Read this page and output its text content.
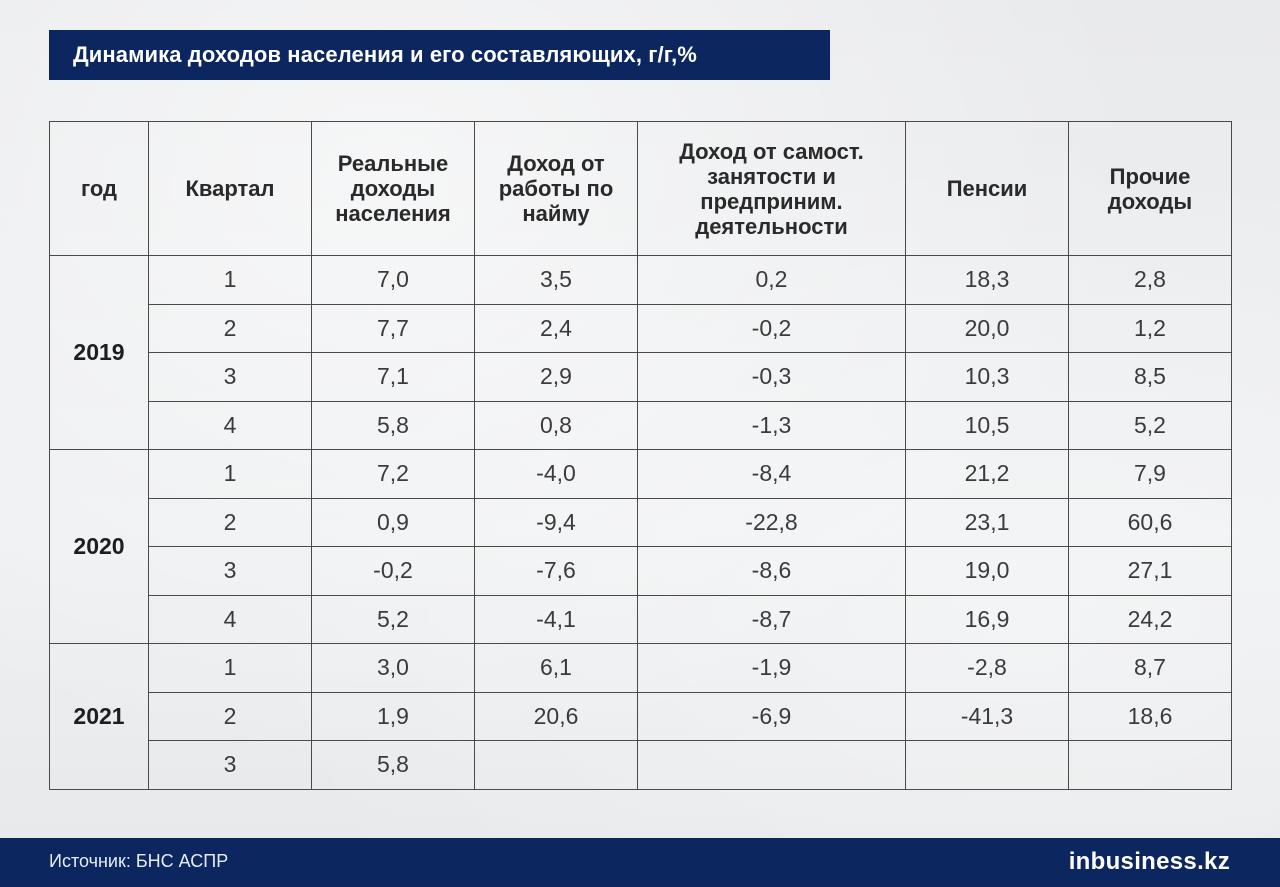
Динамика доходов населения и его составляющих, г/г,%
год	Квартал	Реальные доходы населения	Доход от работы по найму	Доход от самост. занятости и предприним. деятельности	Пенсии	Прочие доходы

2019	1	7,0	3,5	0,2	18,3	2,8
	2	7,7	2,4	-0,2	20,0	1,2
	3	7,1	2,9	-0,3	10,3	8,5
	4	5,8	0,8	-1,3	10,5	5,2
2020	1	7,2	-4,0	-8,4	21,2	7,9
	2	0,9	-9,4	-22,8	23,1	60,6
	3	-0,2	-7,6	-8,6	19,0	27,1
	4	5,2	-4,1	-8,7	16,9	24,2
2021	1	3,0	6,1	-1,9	-2,8	8,7
	2	1,9	20,6	-6,9	-41,3	18,6
	3	5,8				
Источник: БНС АСПР	inbusiness.kz
